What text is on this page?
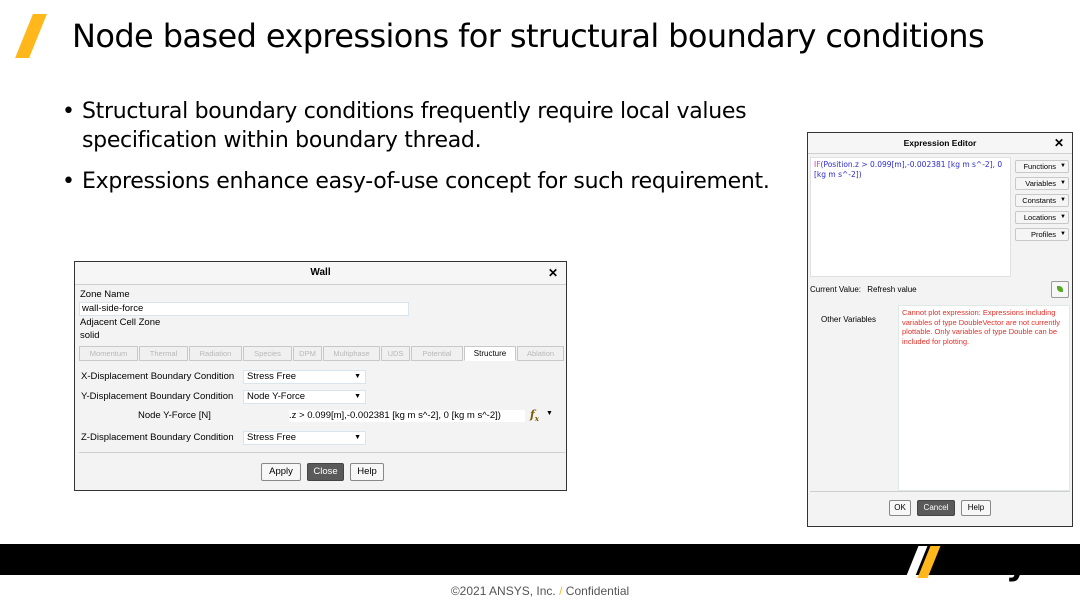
Node based expressions for structural boundary conditions
• Structural boundary conditions frequently require local values specification within boundary thread.
• Expressions enhance easy-of-use concept for such requirement.
Wall	✕
Zone Name
wall-side-force
Adjacent Cell Zone
solid
Momentum	Thermal	Radiation	Species	DPM	Multiphase	UDS	Potential	Structure	Ablation
X-Displacement Boundary Condition	Stress Free	▼
Y-Displacement Boundary Condition	Node Y-Force	▼
Node Y-Force [N]	.z > 0.099[m],-0.002381 [kg m s^-2], 0 [kg m s^-2])	$f_x$
▼
Z-Displacement Boundary Condition	Stress Free	▼
Apply	Close	Help
Expression Editor	✕
IF(Position.z > 0.099[m],-0.002381 [kg m s^-2], 0 [kg m s^-2])
Functions ▼
Variables ▼
Constants ▼
Locations ▼
Profiles ▼
Current Value: Refresh value
Other Variables
Cannot plot expression: Expressions including variables of type DoubleVector are not currently plottable. Only variables of type Double can be included for plotting.
OK	Cancel	Help
Ansys
©2021 ANSYS, Inc. / Confidential
